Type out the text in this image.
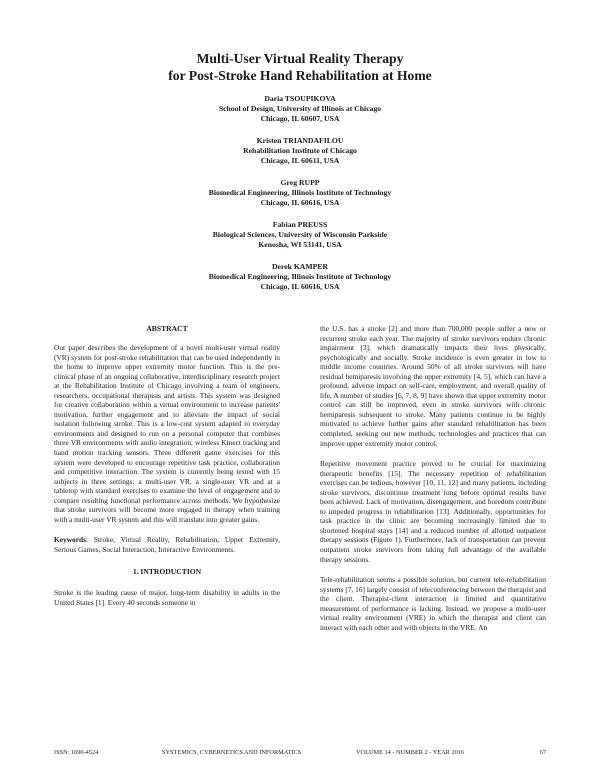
Multi-User Virtual Reality Therapy
for Post-Stroke Hand Rehabilitation at Home
Daria TSOUPIKOVA
School of Design, University of Illinois at Chicago
Chicago, IL 60607, USA
Kristen TRIANDAFILOU
Rehabilitation Institute of Chicago
Chicago, IL 60611, USA
Greg RUPP
Biomedical Engineering, Illinois Institute of Technology
Chicago, IL 60616, USA
Fabian PREUSS
Biological Sciences, University of Wisconsin Parkside
Kenosha, WI 53141, USA
Derek KAMPER
Biomedical Engineering, Illinois Institute of Technology
Chicago, IL 60616, USA
ABSTRACT

Our paper describes the development of a novel multi-user virtual reality (VR) system for post-stroke rehabilitation that can be used independently in the home to improve upper extremity motor function. This is the pre-clinical phase of an ongoing collaborative, interdisciplinary research project at the Rehabilitation Institute of Chicago involving a team of engineers, researchers, occupational therapists and artists. This system was designed for creative collaboration within a virtual environment to increase patients' motivation, further engagement and to alleviate the impact of social isolation following stroke. This is a low-cost system adapted to everyday environments and designed to run on a personal computer that combines three VR environments with audio integration, wireless Kinect tracking and hand motion tracking sensors. Three different game exercises for this system were developed to encourage repetitive task practice, collaboration and competitive interaction. The system is currently being tested with 15 subjects in three settings: a multi-user VR, a single-user VR and at a tabletop with standard exercises to examine the level of engagement and to compare resulting functional performance across methods. We hypothesize that stroke survivors will become more engaged in therapy when training with a multi-user VR system and this will translate into greater gains.

Keywords: Stroke, Virtual Reality, Rehabilitation, Upper Extremity, Serious Games, Social Interaction, Interactive Environments.

1. INTRODUCTION

Stroke is the leading cause of major, long-term disability in adults in the United States [1]. Every 40 seconds someone in

the U.S. has a stroke [2] and more than 700,000 people suffer a new or recurrent stroke each year. The majority of stroke survivors endure chronic impairment [3], which dramatically impacts their lives physically, psychologically and socially. Stroke incidence is even greater in low to middle income countries. Around 50% of all stroke survivors will have residual hemiparesis involving the upper extremity [4, 5], which can have a profound, adverse impact on self-care, employment, and overall quality of life. A number of studies [6, 7, 8, 9] have shown that upper extremity motor control can still be improved, even in stroke survivors with chronic hemiparesis subsequent to stroke. Many patients continue to be highly motivated to achieve further gains after standard rehabilitation has been completed, seeking out new methods, technologies and practices that can improve upper extremity motor control.

Repetitive movement practice proved to be crucial for maximizing therapeutic benefits [15]. The necessary repetition of rehabilitation exercises can be tedious, however [10, 11, 12] and many patients, including stroke survivors, discontinue treatment long before optimal results have been achieved. Lack of motivation, disengagement, and boredom contribute to impeded progress in rehabilitation [13]. Additionally, opportunities for task practice in the clinic are becoming increasingly limited due to shortened hospital stays [14] and a reduced number of allotted outpatient therapy sessions (Figure 1). Furthermore, lack of transportation can prevent outpatient stroke survivors from taking full advantage of the available therapy sessions.

Tele-rehabilitation seems a possible solution, but current tele-rehabilitation systems [7, 16] largely consist of teleconferencing between the therapist and the client. Therapist-client interaction is limited and quantitative measurement of performance is lacking. Instead, we propose a multi-user virtual reality environment (VRE) in which the therapist and client can interact with each other and with objects in the VRE. An

ISSN: 1690-4524	SYSTEMICS, CYBERNETICS AND INFORMATICS	VOLUME 14 - NUMBER 2 - YEAR 2016	67
